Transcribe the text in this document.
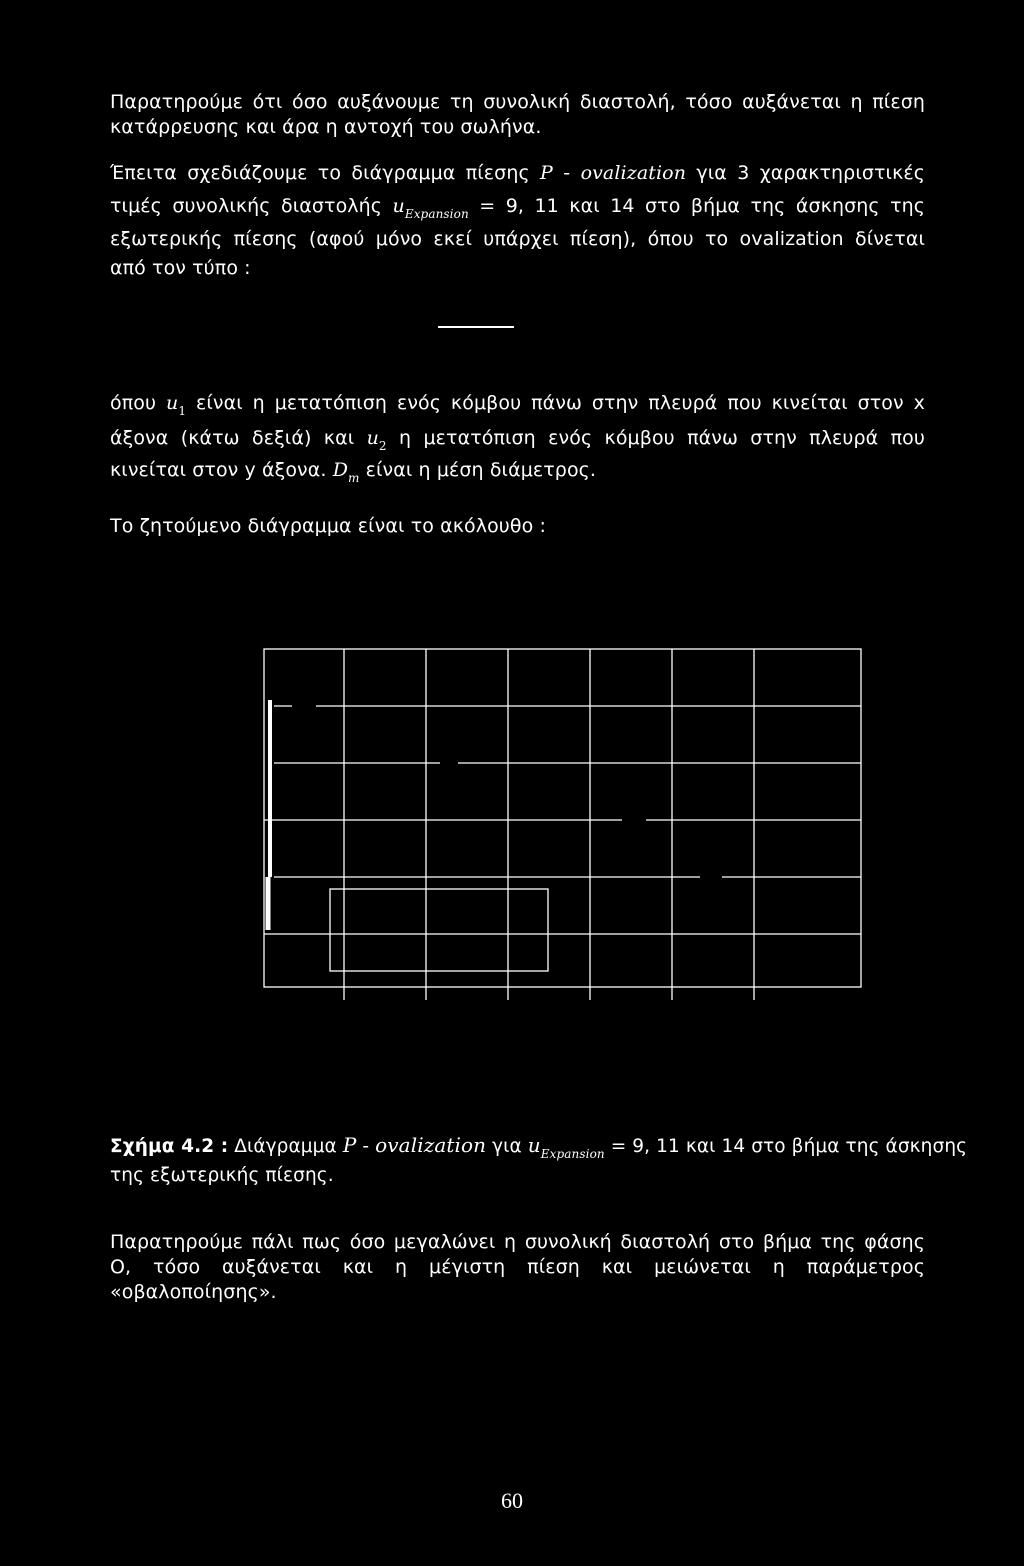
Παρατηρούμε ότι όσο αυξάνουμε τη συνολική διαστολή, τόσο αυξάνεται η πίεση
κατάρρευσης και άρα η αντοχή του σωλήνα.
Έπειτα σχεδιάζουμε το διάγραμμα πίεσης P - ovalization για 3 χαρακτηριστικές
τιμές συνολικής διαστολής $u_{Expansion} = 9$, 11 και 14 στο βήμα της άσκησης της
εξωτερικής πίεσης (αφού μόνο εκεί υπάρχει πίεση), όπου το ovalization δίνεται
από τον τύπο :
όπου $u_1$ είναι η μετατόπιση ενός κόμβου πάνω στην πλευρά που κινείται στον x
άξονα (κάτω δεξιά) και $u_2$ η μετατόπιση ενός κόμβου πάνω στην πλευρά που
κινείται στον y άξονα. $D_m$ είναι η μέση διάμετρος.
Το ζητούμενο διάγραμμα είναι το ακόλουθο :
Σχήμα 4.2 : Διάγραμμα P - ovalization για $u_{Expansion} = 9$, 11 και 14 στο βήμα της άσκησης
της εξωτερικής πίεσης.
Παρατηρούμε πάλι πως όσο μεγαλώνει η συνολική διαστολή στο βήμα της φάσης
Ο, τόσο αυξάνεται και η μέγιστη πίεση και μειώνεται η παράμετρος
«οβαλοποίησης».
60
